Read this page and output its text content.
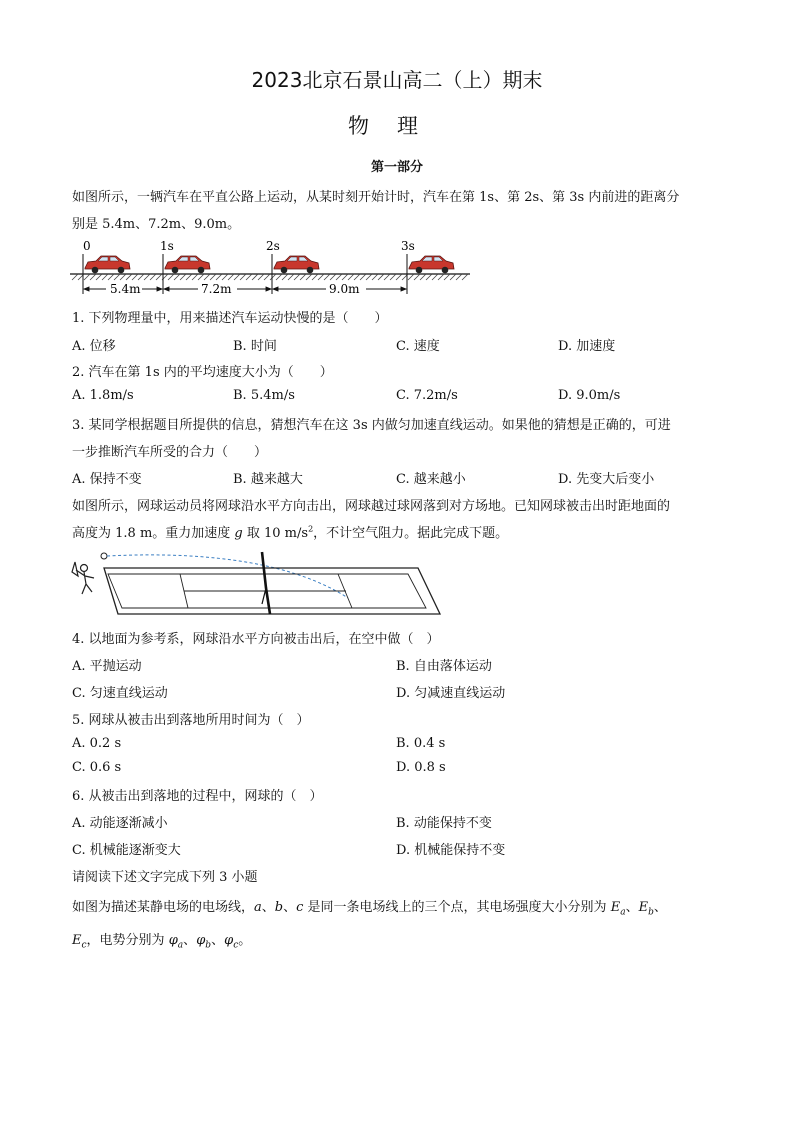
2023北京石景山高二（上）期末
物理
第一部分
如图所示，一辆汽车在平直公路上运动，从某时刻开始计时，汽车在第 1s、第 2s、第 3s 内前进的距离分
别是 5.4m、7.2m、9.0m。
0	1s	2s	3s
5.4m	7.2m	9.0m
1. 下列物理量中，用来描述汽车运动快慢的是（　　）
A. 位移	B. 时间	C. 速度	D. 加速度
2. 汽车在第 1s 内的平均速度大小为（　　）
A. 1.8m/s	B. 5.4m/s	C. 7.2m/s	D. 9.0m/s
3. 某同学根据题目所提供的信息，猜想汽车在这 3s 内做匀加速直线运动。如果他的猜想是正确的，可进
一步推断汽车所受的合力（　　）
A. 保持不变	B. 越来越大	C. 越来越小	D. 先变大后变小
如图所示，网球运动员将网球沿水平方向击出，网球越过球网落到对方场地。已知网球被击出时距地面的
高度为 1.8 m。重力加速度 g 取 10 $m/s^2$，不计空气阻力。据此完成下题。
4. 以地面为参考系，网球沿水平方向被击出后，在空中做（　）
A. 平抛运动	B. 自由落体运动
C. 匀速直线运动	D. 匀减速直线运动
5. 网球从被击出到落地所用时间为（　）
A. 0.2 s	B. 0.4 s
C. 0.6 s	D. 0.8 s
6. 从被击出到落地的过程中，网球的（　）
A. 动能逐渐减小	B. 动能保持不变
C. 机械能逐渐变大	D. 机械能保持不变
请阅读下述文字完成下列 3 小题
如图为描述某静电场的电场线，a、b、c 是同一条电场线上的三个点，其电场强度大小分别为 $E_a$、$E_b$、
$E_c$，电势分别为 $\varphi_a$、$\varphi_b$、$\varphi_c$。
